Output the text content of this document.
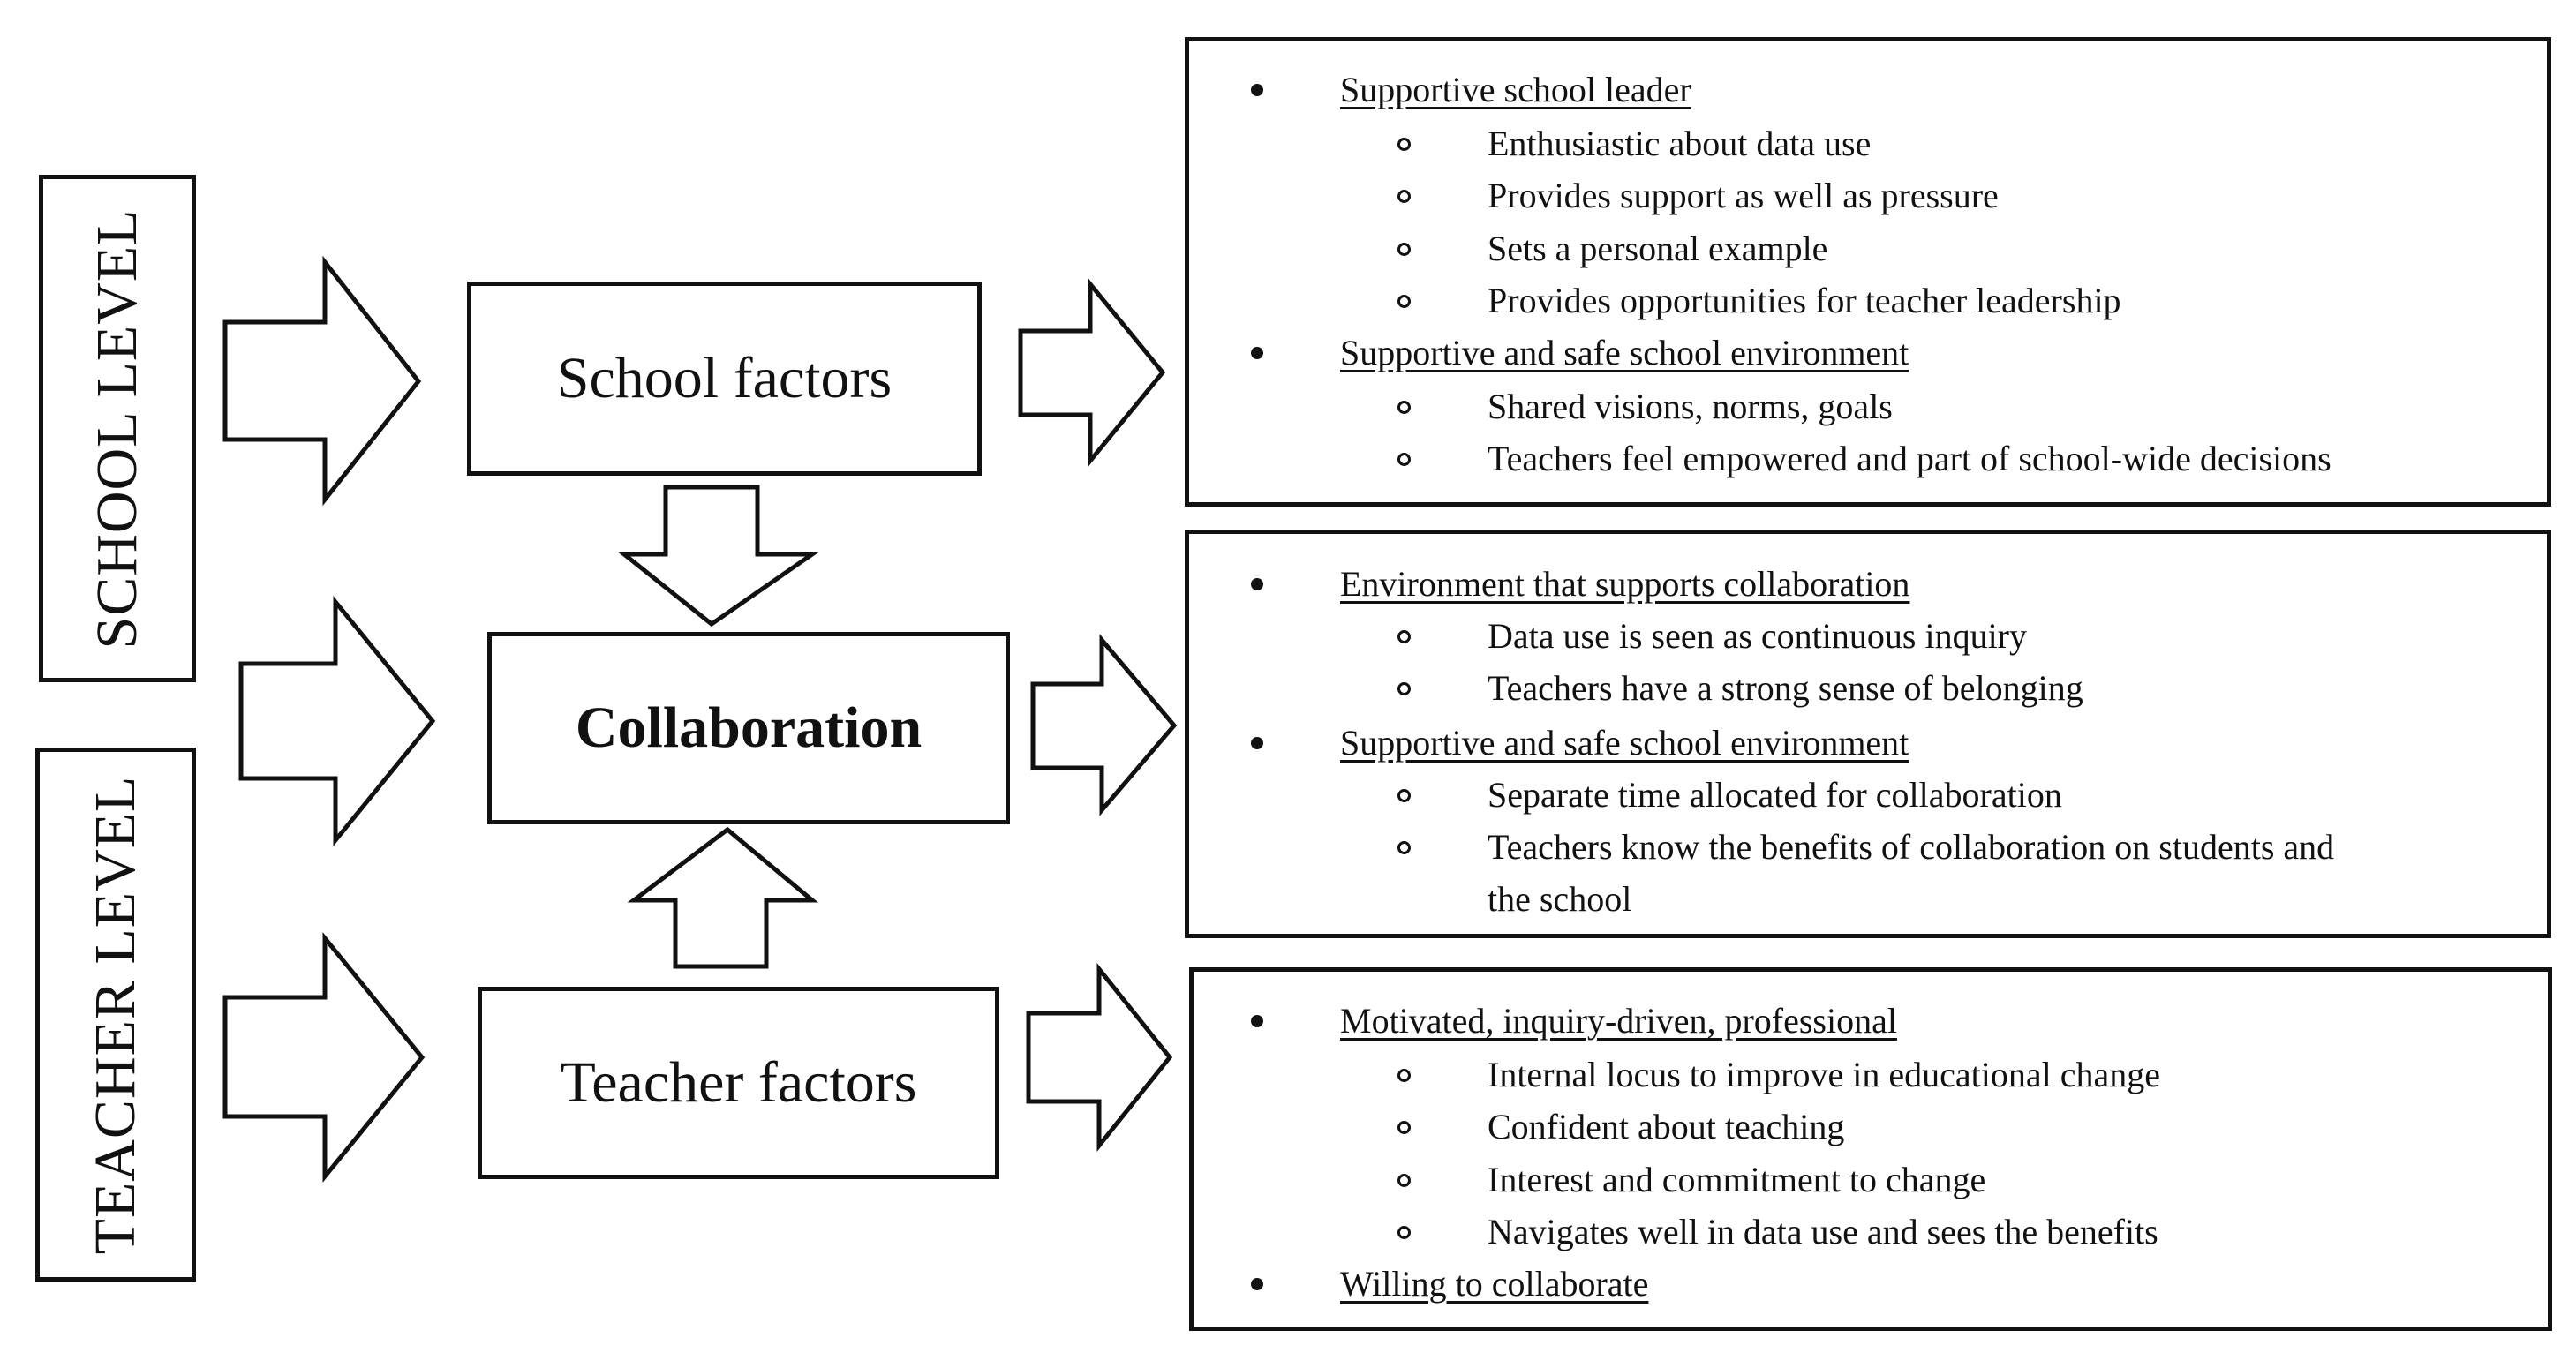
SCHOOL LEVEL
TEACHER LEVEL
School factors
Collaboration
Teacher factors
Supportive school leader
Enthusiastic about data use
Provides support as well as pressure
Sets a personal example
Provides opportunities for teacher leadership
Supportive and safe school environment
Shared visions, norms, goals
Teachers feel empowered and part of school-wide decisions
Environment that supports collaboration
Data use is seen as continuous inquiry
Teachers have a strong sense of belonging
Supportive and safe school environment
Separate time allocated for collaboration
Teachers know the benefits of collaboration on students and
the school
Motivated, inquiry-driven, professional
Internal locus to improve in educational change
Confident about teaching
Interest and commitment to change
Navigates well in data use and sees the benefits
Willing to collaborate
